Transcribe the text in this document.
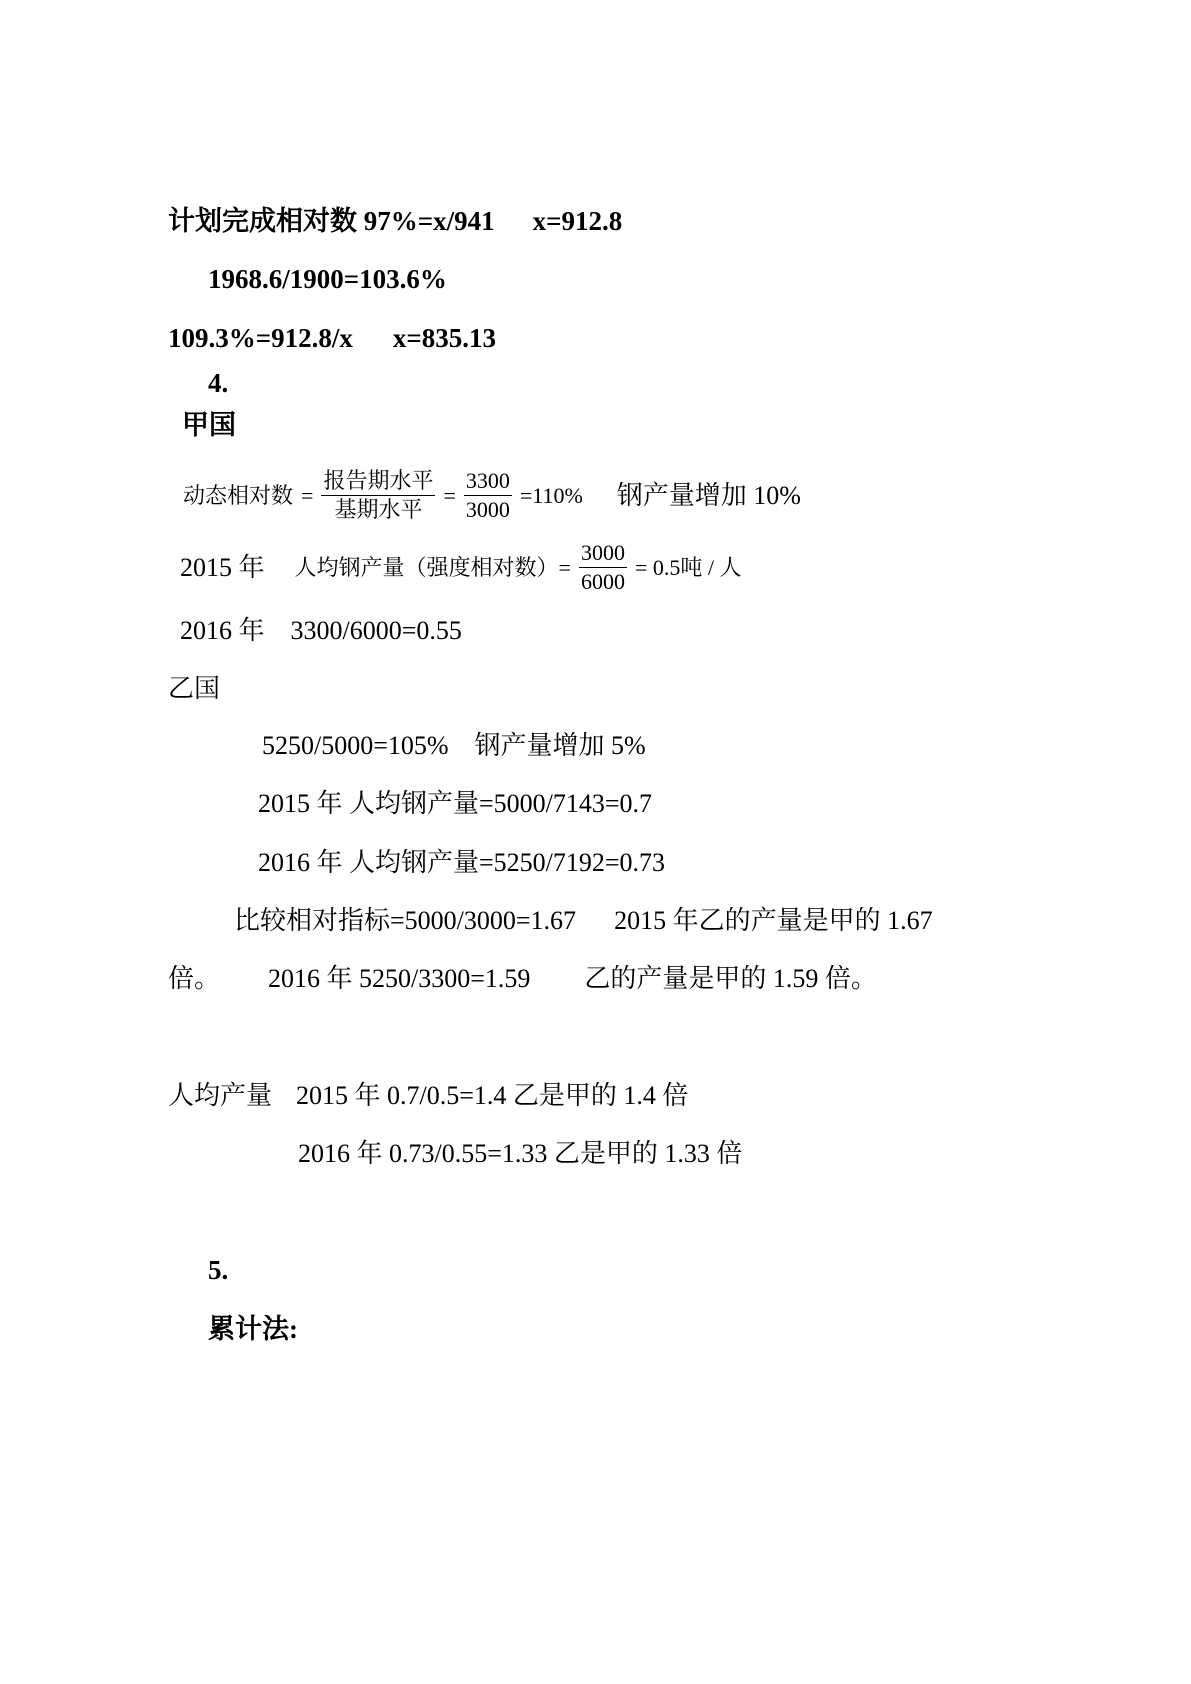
计划完成相对数 97%=x/941 x=912.8
1968.6/1900=103.6%
109.3%=912.8/x x=835.13
4.
甲国
动态相对数 = $\frac{\text{报告期水平}}{\text{基期水平}} = \frac{3300}{3000} =110\%$ 钢产量增加 10%
2015 年 人均钢产量（强度相对数）= $\frac{3000}{6000} = 0.5$吨 / 人
2016 年 3300/6000=0.55
乙国
5250/5000=105% 钢产量增加 5%
2015 年 人均钢产量=5000/7143=0.7
2016 年 人均钢产量=5250/7192=0.73
比较相对指标=5000/3000=1.67 2015 年乙的产量是甲的 1.67
倍。 2016 年 5250/3300=1.59 乙的产量是甲的 1.59 倍。
人均产量 2015 年 0.7/0.5=1.4 乙是甲的 1.4 倍
2016 年 0.73/0.55=1.33 乙是甲的 1.33 倍
5.
累计法:
